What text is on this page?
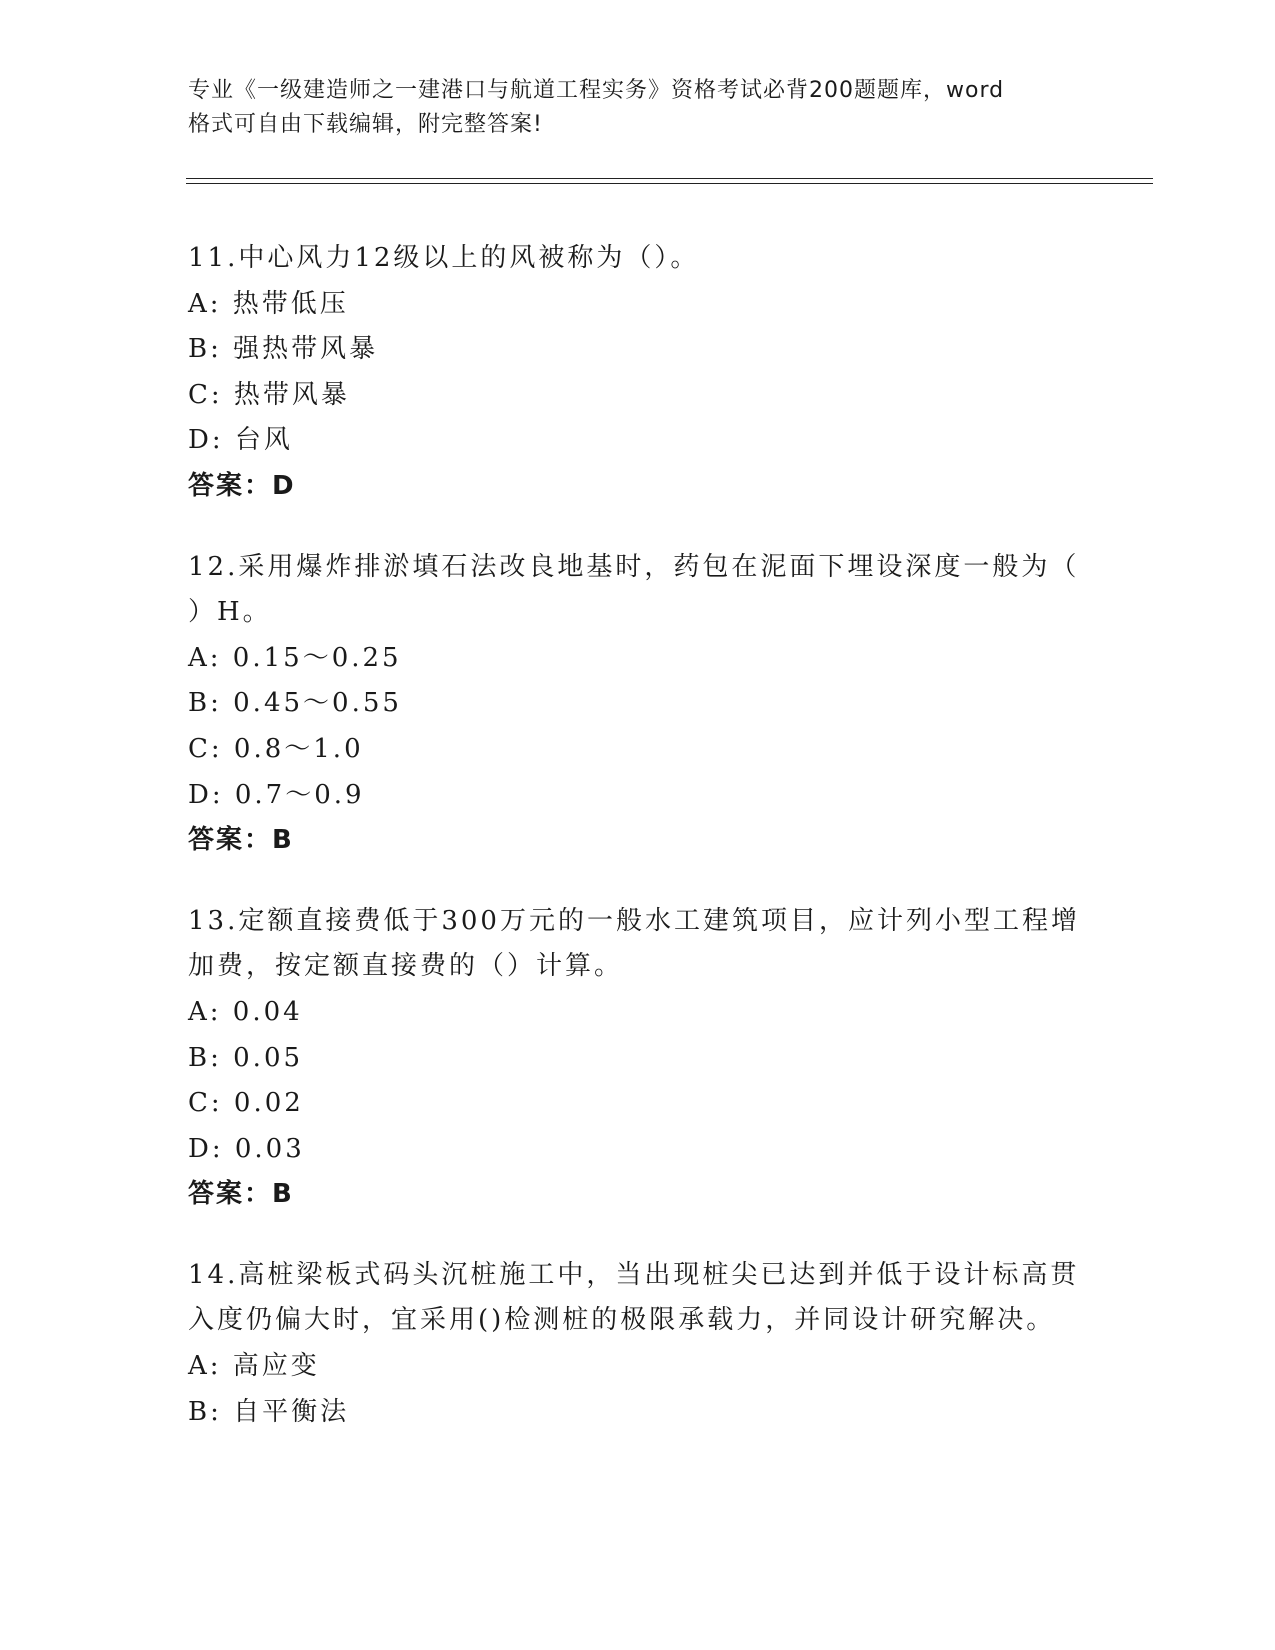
专业《一级建造师之一建港口与航道工程实务》资格考试必背200题题库，word
格式可自由下载编辑，附完整答案!
11.中心风力12级以上的风被称为（）。
A: 热带低压
B: 强热带风暴
C: 热带风暴
D: 台风
答案：D
12.采用爆炸排淤填石法改良地基时，药包在泥面下埋设深度一般为（
）H。
A: 0.15～0.25
B: 0.45～0.55
C: 0.8～1.0
D: 0.7～0.9
答案：B
13.定额直接费低于300万元的一般水工建筑项目，应计列小型工程增
加费，按定额直接费的（）计算。
A: 0.04
B: 0.05
C: 0.02
D: 0.03
答案：B
14.高桩梁板式码头沉桩施工中，当出现桩尖已达到并低于设计标高贯
入度仍偏大时，宜采用()检测桩的极限承载力，并同设计研究解决。
A: 高应变
B: 自平衡法
